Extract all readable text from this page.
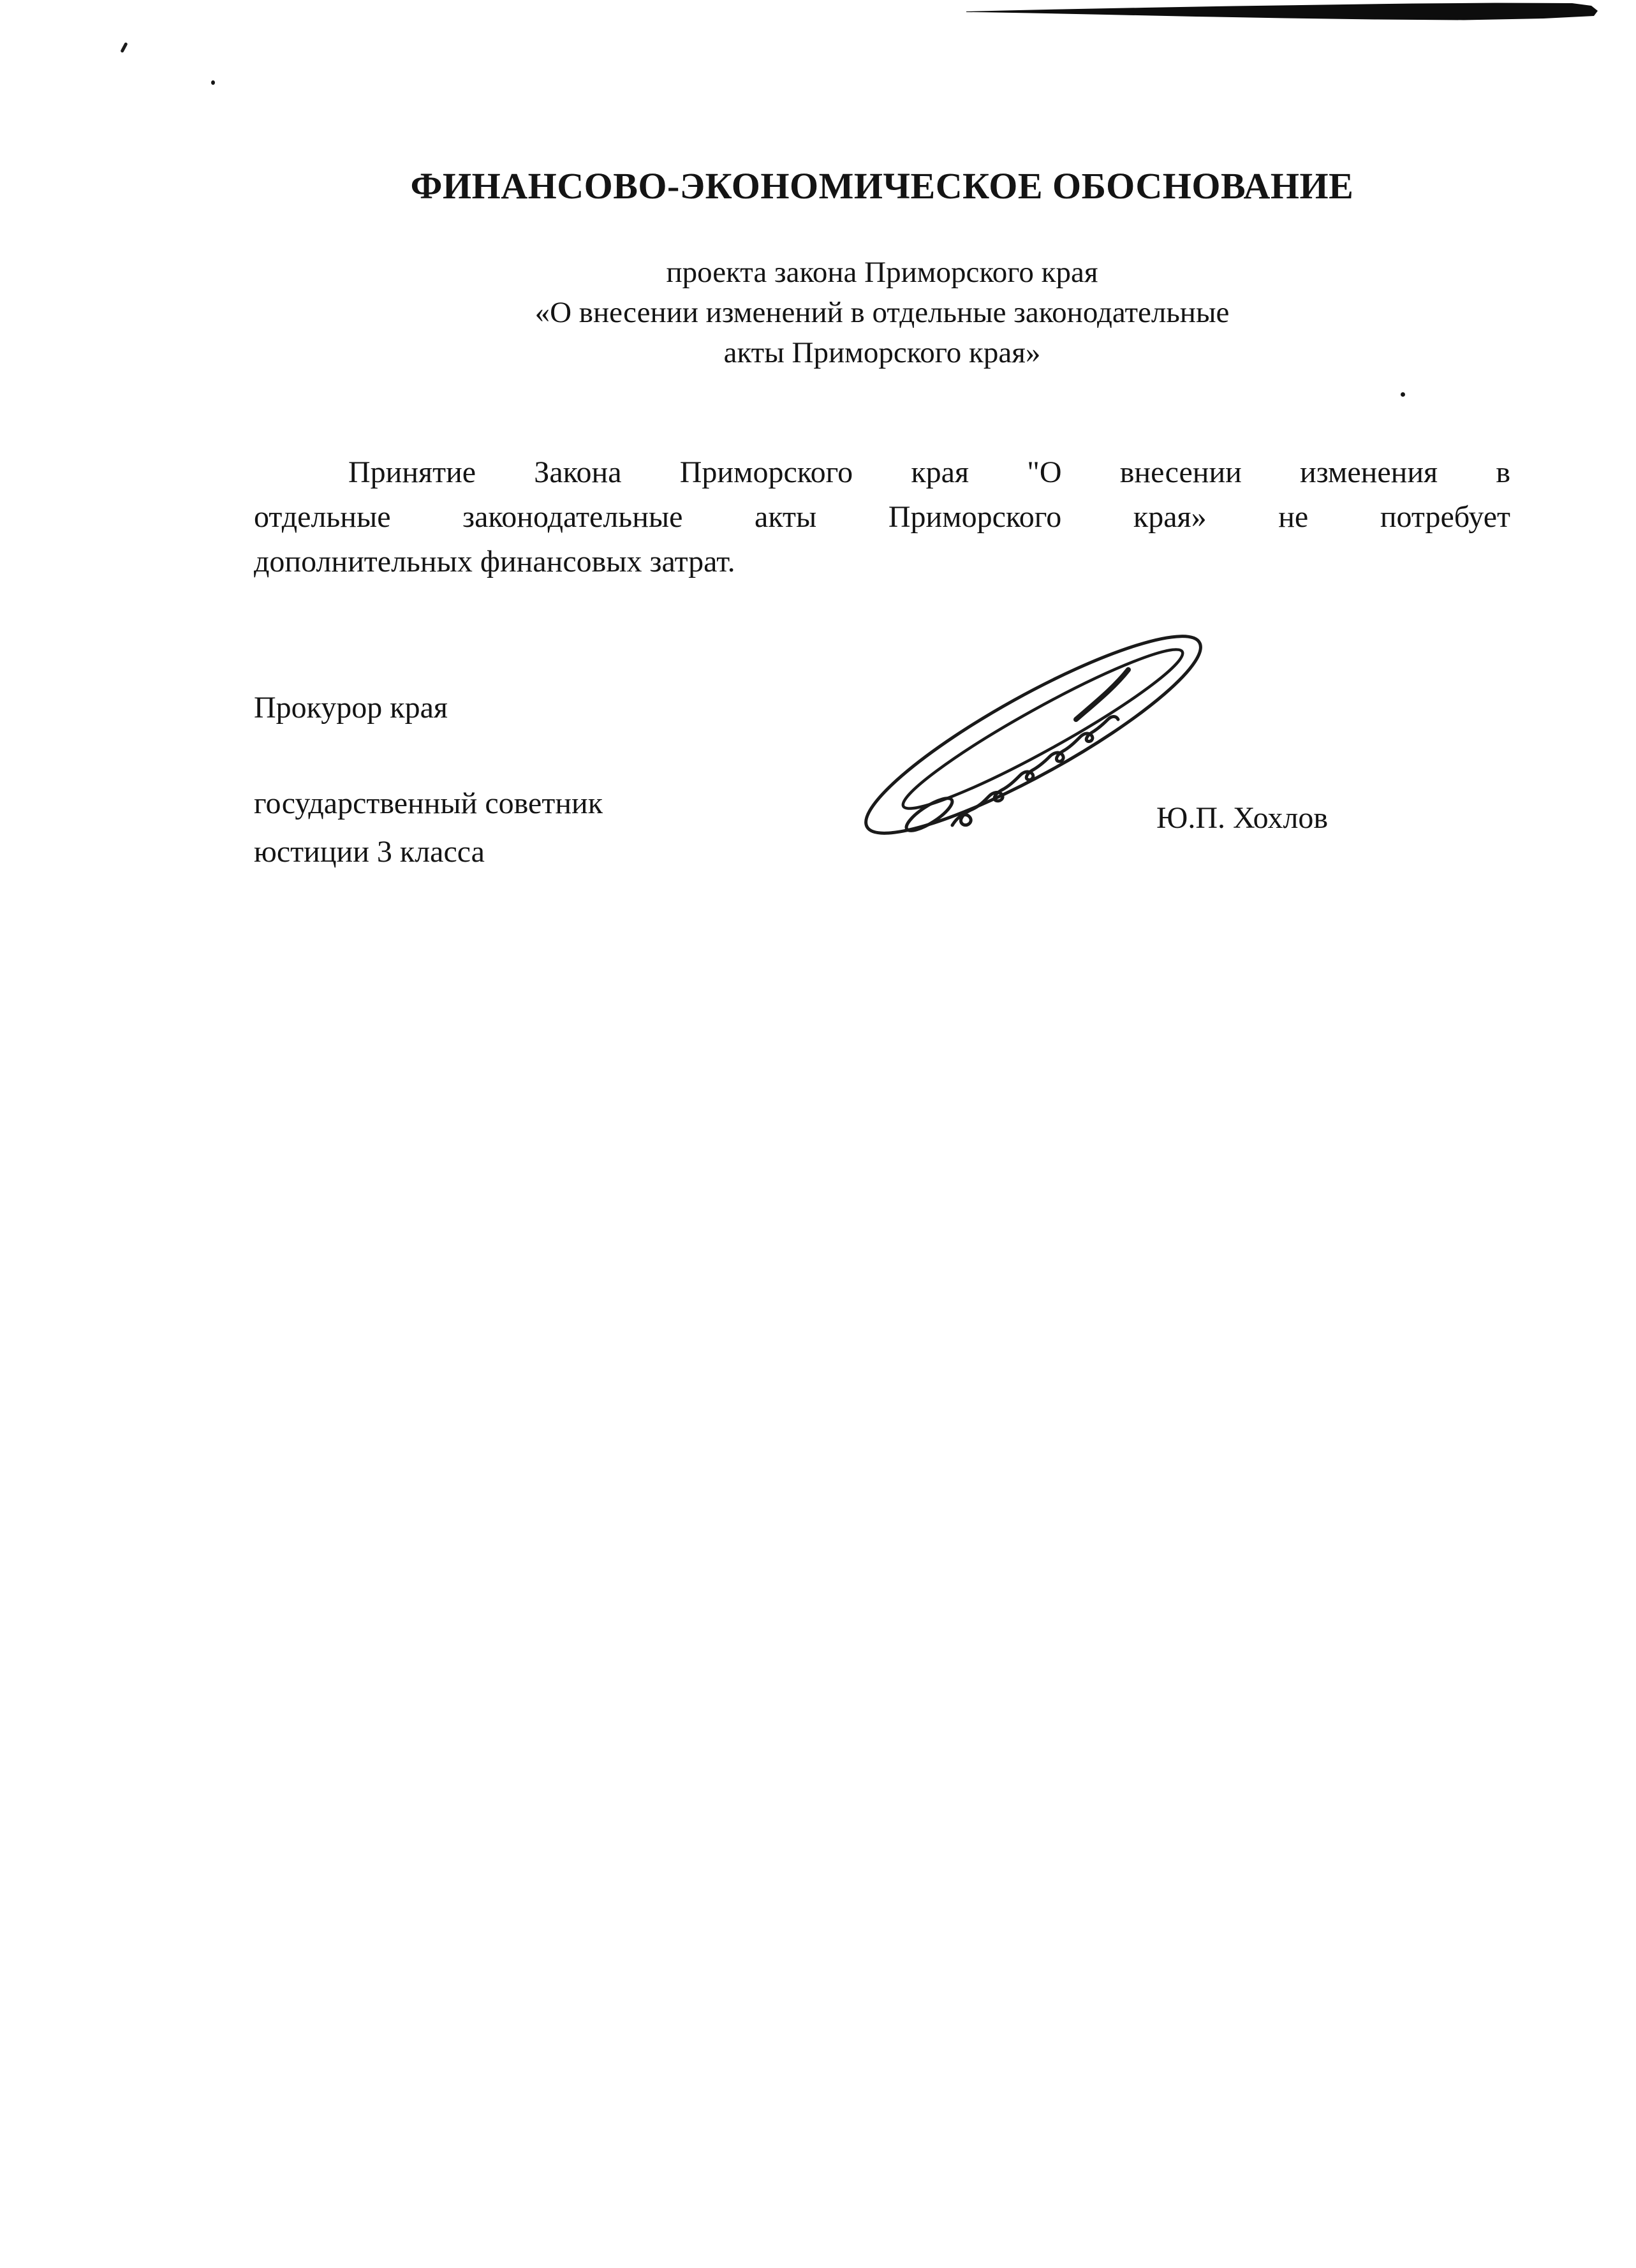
ФИНАНСОВО-ЭКОНОМИЧЕСКОЕ ОБОСНОВАНИЕ
проекта закона Приморского края
«О внесении изменений в отдельные законодательные
акты Приморского края»
Принятие Закона Приморского края "О внесении изменения в
отдельные законодательные акты Приморского края» не потребует
дополнительных финансовых затрат.
Прокурор края
государственный советник
юстиции 3 класса
Ю.П. Хохлов
